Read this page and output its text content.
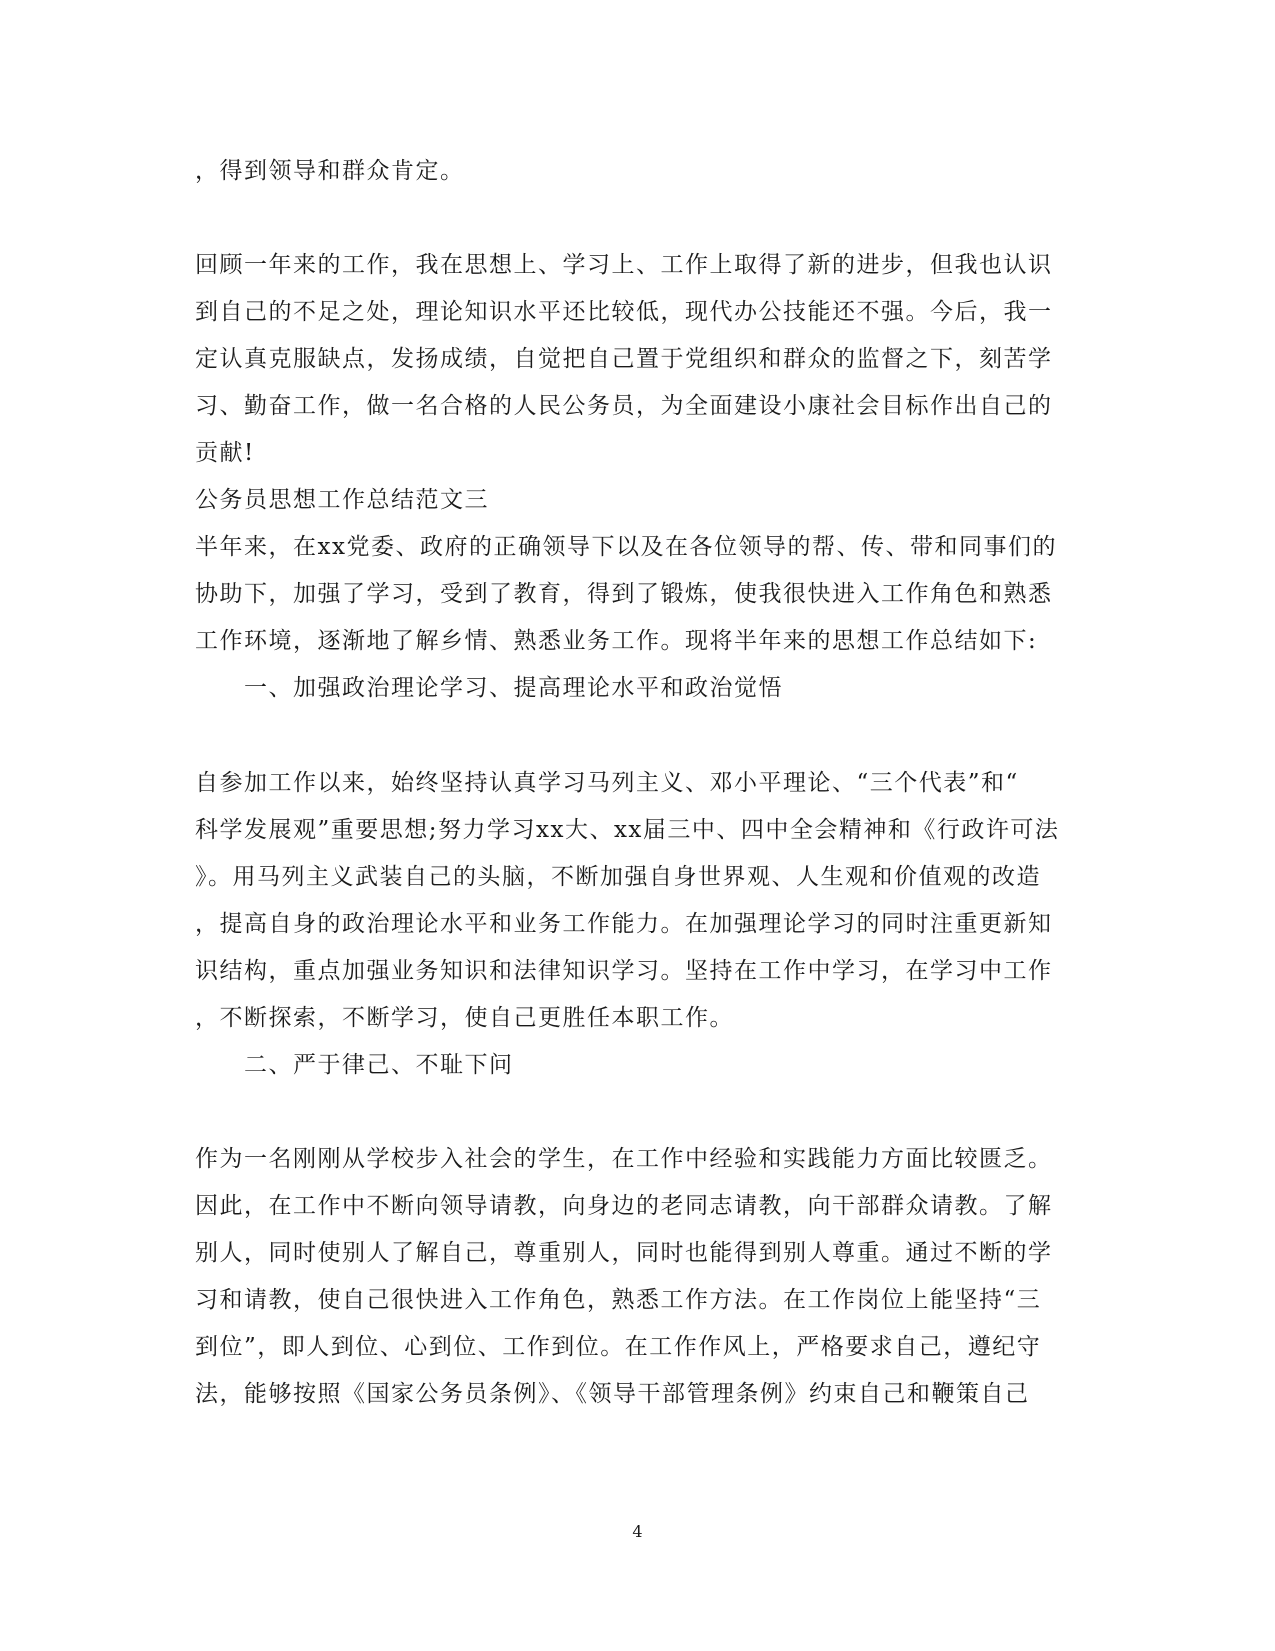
，得到领导和群众肯定。
回顾一年来的工作，我在思想上、学习上、工作上取得了新的进步，但我也认识
到自己的不足之处，理论知识水平还比较低，现代办公技能还不强。今后，我一
定认真克服缺点，发扬成绩，自觉把自己置于党组织和群众的监督之下，刻苦学
习、勤奋工作，做一名合格的人民公务员，为全面建设小康社会目标作出自己的
贡献!
公务员思想工作总结范文三
半年来，在xx党委、政府的正确领导下以及在各位领导的帮、传、带和同事们的
协助下，加强了学习，受到了教育，得到了锻炼，使我很快进入工作角色和熟悉
工作环境，逐渐地了解乡情、熟悉业务工作。现将半年来的思想工作总结如下:
一、加强政治理论学习、提高理论水平和政治觉悟
自参加工作以来，始终坚持认真学习马列主义、邓小平理论、“三个代表”和“
科学发展观”重要思想;努力学习xx大、xx届三中、四中全会精神和《行政许可法
》。用马列主义武装自己的头脑，不断加强自身世界观、人生观和价值观的改造
，提高自身的政治理论水平和业务工作能力。在加强理论学习的同时注重更新知
识结构，重点加强业务知识和法律知识学习。坚持在工作中学习，在学习中工作
，不断探索，不断学习，使自己更胜任本职工作。
二、严于律己、不耻下问
作为一名刚刚从学校步入社会的学生，在工作中经验和实践能力方面比较匮乏。
因此，在工作中不断向领导请教，向身边的老同志请教，向干部群众请教。了解
别人，同时使别人了解自己，尊重别人，同时也能得到别人尊重。通过不断的学
习和请教，使自己很快进入工作角色，熟悉工作方法。在工作岗位上能坚持“三
到位”，即人到位、心到位、工作到位。在工作作风上，严格要求自己，遵纪守
法，能够按照《国家公务员条例》、《领导干部管理条例》约束自己和鞭策自己
4
